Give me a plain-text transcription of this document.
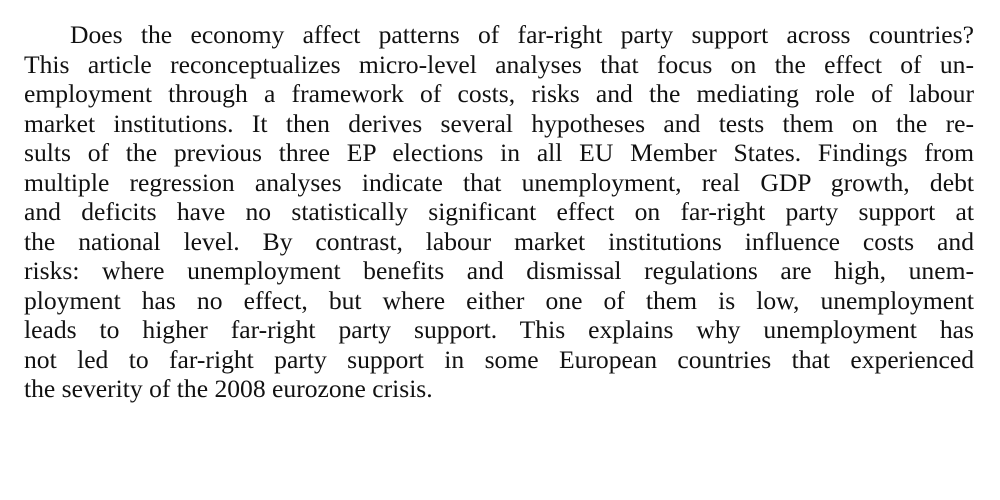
Does the economy affect patterns of far-right party support across countries?
This article reconceptualizes micro-level analyses that focus on the effect of un-
employment through a framework of costs, risks and the mediating role of labour
market institutions. It then derives several hypotheses and tests them on the re-
sults of the previous three EP elections in all EU Member States. Findings from
multiple regression analyses indicate that unemployment, real GDP growth, debt
and deficits have no statistically significant effect on far-right party support at
the national level. By contrast, labour market institutions influence costs and
risks: where unemployment benefits and dismissal regulations are high, unem-
ployment has no effect, but where either one of them is low, unemployment
leads to higher far-right party support. This explains why unemployment has
not led to far-right party support in some European countries that experienced
the severity of the 2008 eurozone crisis.
